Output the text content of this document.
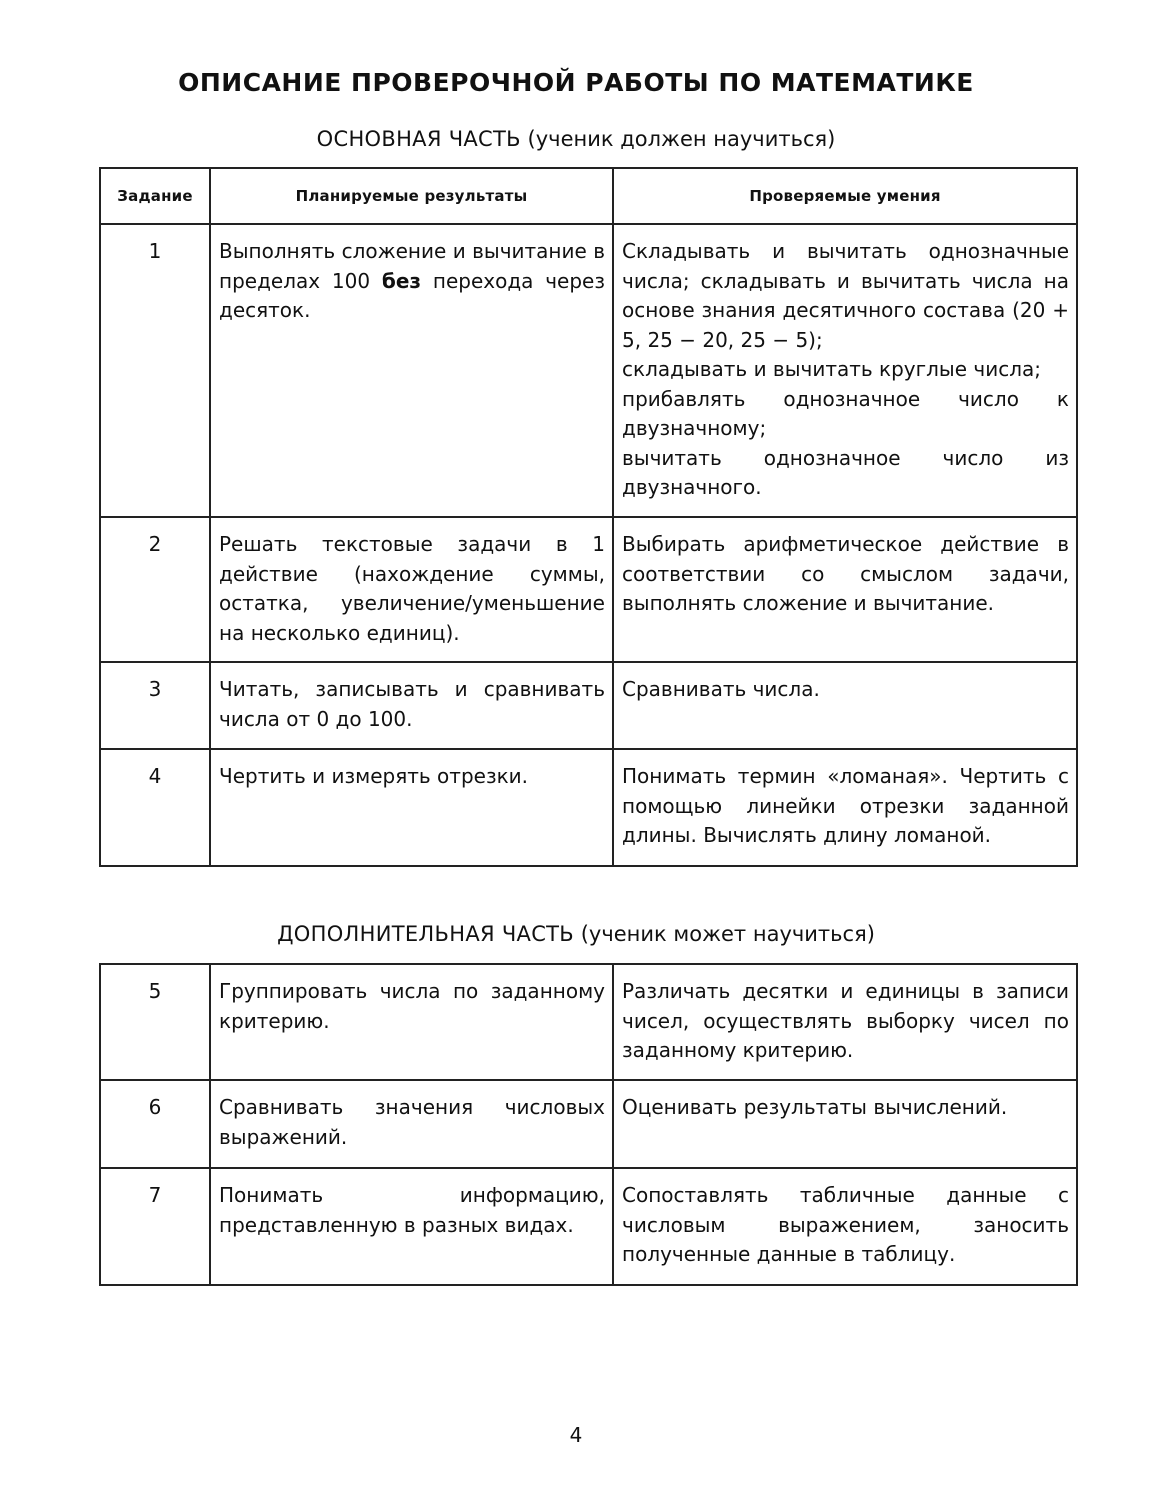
ОПИСАНИЕ ПРОВЕРОЧНОЙ РАБОТЫ ПО МАТЕМАТИКЕ
ОСНОВНАЯ ЧАСТЬ (ученик должен научиться)
Задание	Планируемые результаты	Проверяемые умения
1	Выполнять сложение и вычитание в пределах 100 без перехода через десяток.	Складывать и вычитать однозначные числа; складывать и вычитать числа на основе знания десятичного состава (20 + 5, 25 − 20, 25 − 5);
складывать и вычитать круглые числа;
прибавлять однозначное число к двузначному;
вычитать однозначное число из двузначного.

2	Решать текстовые задачи в 1 действие (нахождение суммы, остатка, увеличение/уменьшение на несколько единиц).	Выбирать арифметическое действие в соответствии со смыслом задачи, выполнять сложение и вычитание.
3	Читать, записывать и сравнивать числа от 0 до 100.	Сравнивать числа.
4	Чертить и измерять отрезки.	Понимать термин «ломаная». Чертить с помощью линейки отрезки заданной длины. Вычислять длину ломаной.
ДОПОЛНИТЕЛЬНАЯ ЧАСТЬ (ученик может научиться)
5	Группировать числа по заданному критерию.	Различать десятки и единицы в записи чисел, осуществлять выборку чисел по заданному критерию.
6	Сравнивать значения числовых выражений.	Оценивать результаты вычислений.
7	Понимать информацию, представленную в разных видах.	Сопоставлять табличные данные с числовым выражением, заносить полученные данные в таблицу.
4
